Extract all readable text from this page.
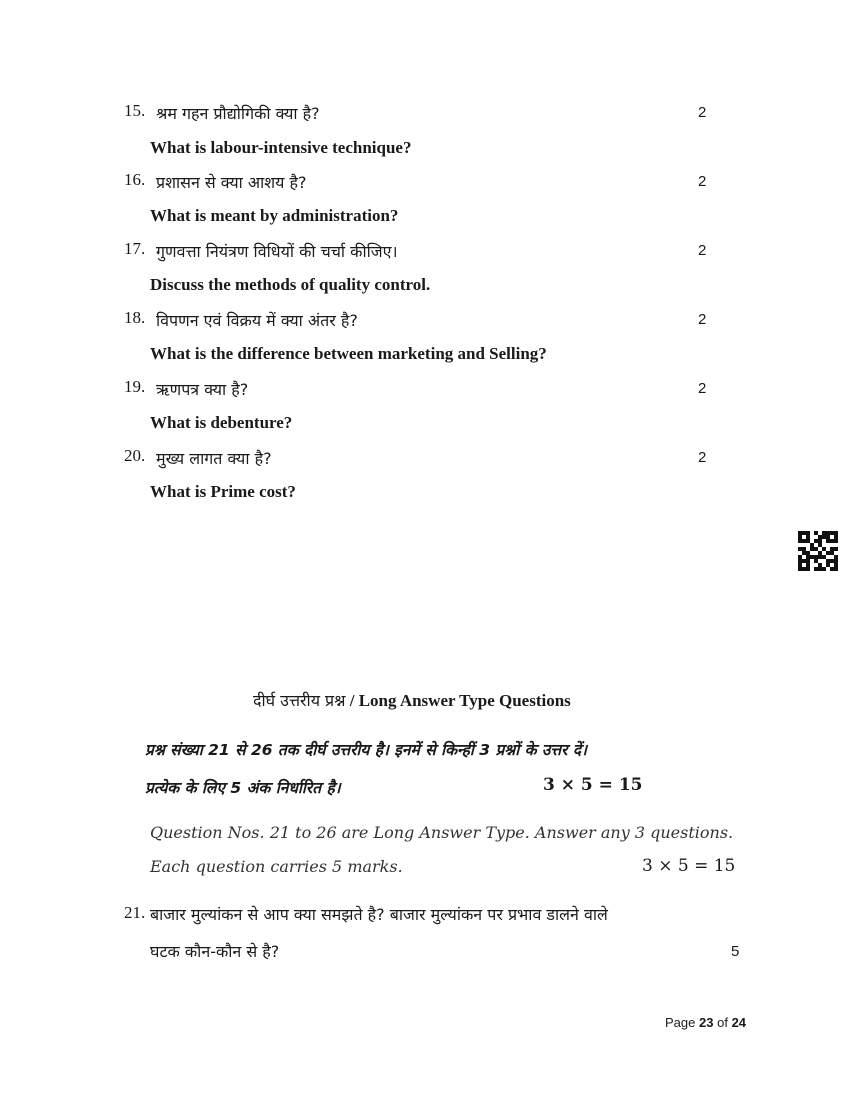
15. श्रम गहन प्रौद्योगिकी क्या है?	2
What is labour-intensive technique?
16. प्रशासन से क्या आशय है?	2
What is meant by administration?
17. गुणवत्ता नियंत्रण विधियों की चर्चा कीजिए।	2
Discuss the methods of quality control.
18. विपणन एवं विक्रय में क्या अंतर है?	2
What is the difference between marketing and Selling?
19. ऋणपत्र क्या है?	2
What is debenture?
20. मुख्य लागत क्या है?	2
What is Prime cost?
दीर्घ उत्तरीय प्रश्न / Long Answer Type Questions
प्रश्न संख्या 21 से 26 तक दीर्घ उत्तरीय है। इनमें से किन्हीं 3 प्रश्नों के उत्तर दें।
प्रत्येक के लिए 5 अंक निर्धारित है।	3 × 5 = 15
Question Nos. 21 to 26 are Long Answer Type. Answer any 3 questions.
Each question carries 5 marks.	3 × 5 = 15
21. बाजार मुल्यांकन से आप क्या समझते है? बाजार मुल्यांकन पर प्रभाव डालने वाले
घटक कौन-कौन से है?	5
Page 23 of 24
